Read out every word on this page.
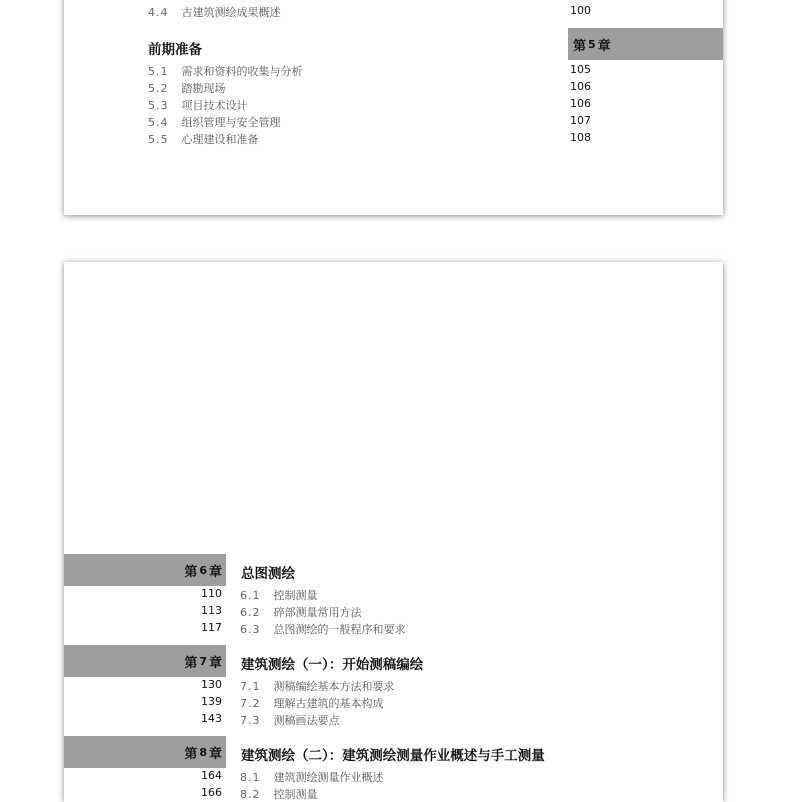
4.4 古建筑测绘成果概述	100
前期准备	第 5 章
5.1 需求和资料的收集与分析	105
5.2 踏勘现场	106
5.3 项目技术设计	106
5.4 组织管理与安全管理	107
5.5 心理建设和准备	108
第 6 章 总图测绘
110 6.1 控制测量
113 6.2 碎部测量常用方法
117 6.3 总图测绘的一般程序和要求
第 7 章 建筑测绘（一）：开始测稿编绘
130 7.1 测稿编绘基本方法和要求
139 7.2 理解古建筑的基本构成
143 7.3 测稿画法要点
第 8 章 建筑测绘（二）：建筑测绘测量作业概述与手工测量
164 8.1 建筑测绘测量作业概述
166 8.2 控制测量
